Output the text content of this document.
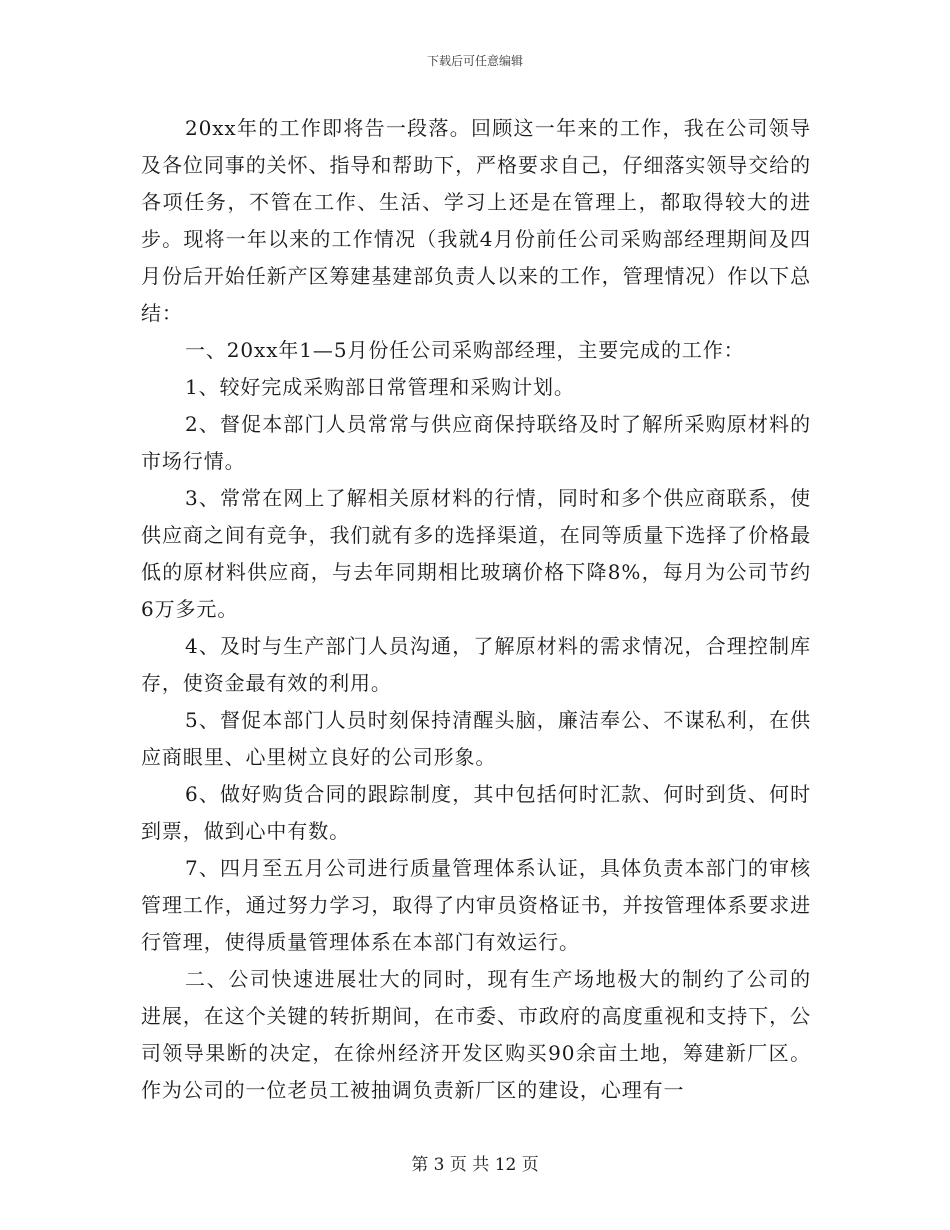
下载后可任意编辑

20xx年的工作即将告一段落。回顾这一年来的工作，我在公司领导及各位同事的关怀、指导和帮助下，严格要求自己，仔细落实领导交给的各项任务，不管在工作、生活、学习上还是在管理上，都取得较大的进步。现将一年以来的工作情况（我就4月份前任公司采购部经理期间及四月份后开始任新产区筹建基建部负责人以来的工作，管理情况）作以下总结：

一、20xx年1—5月份任公司采购部经理，主要完成的工作：

1、较好完成采购部日常管理和采购计划。

2、督促本部门人员常常与供应商保持联络及时了解所采购原材料的市场行情。

3、常常在网上了解相关原材料的行情，同时和多个供应商联系，使供应商之间有竞争，我们就有多的选择渠道，在同等质量下选择了价格最低的原材料供应商，与去年同期相比玻璃价格下降8%，每月为公司节约6万多元。

4、及时与生产部门人员沟通，了解原材料的需求情况，合理控制库存，使资金最有效的利用。

5、督促本部门人员时刻保持清醒头脑，廉洁奉公、不谋私利，在供应商眼里、心里树立良好的公司形象。

6、做好购货合同的跟踪制度，其中包括何时汇款、何时到货、何时到票，做到心中有数。

7、四月至五月公司进行质量管理体系认证，具体负责本部门的审核管理工作，通过努力学习，取得了内审员资格证书，并按管理体系要求进行管理，使得质量管理体系在本部门有效运行。

二、公司快速进展壮大的同时，现有生产场地极大的制约了公司的进展，在这个关键的转折期间，在市委、市政府的高度重视和支持下，公司领导果断的决定，在徐州经济开发区购买90余亩土地，筹建新厂区。作为公司的一位老员工被抽调负责新厂区的建设，心理有一

第 3 页 共 12 页
